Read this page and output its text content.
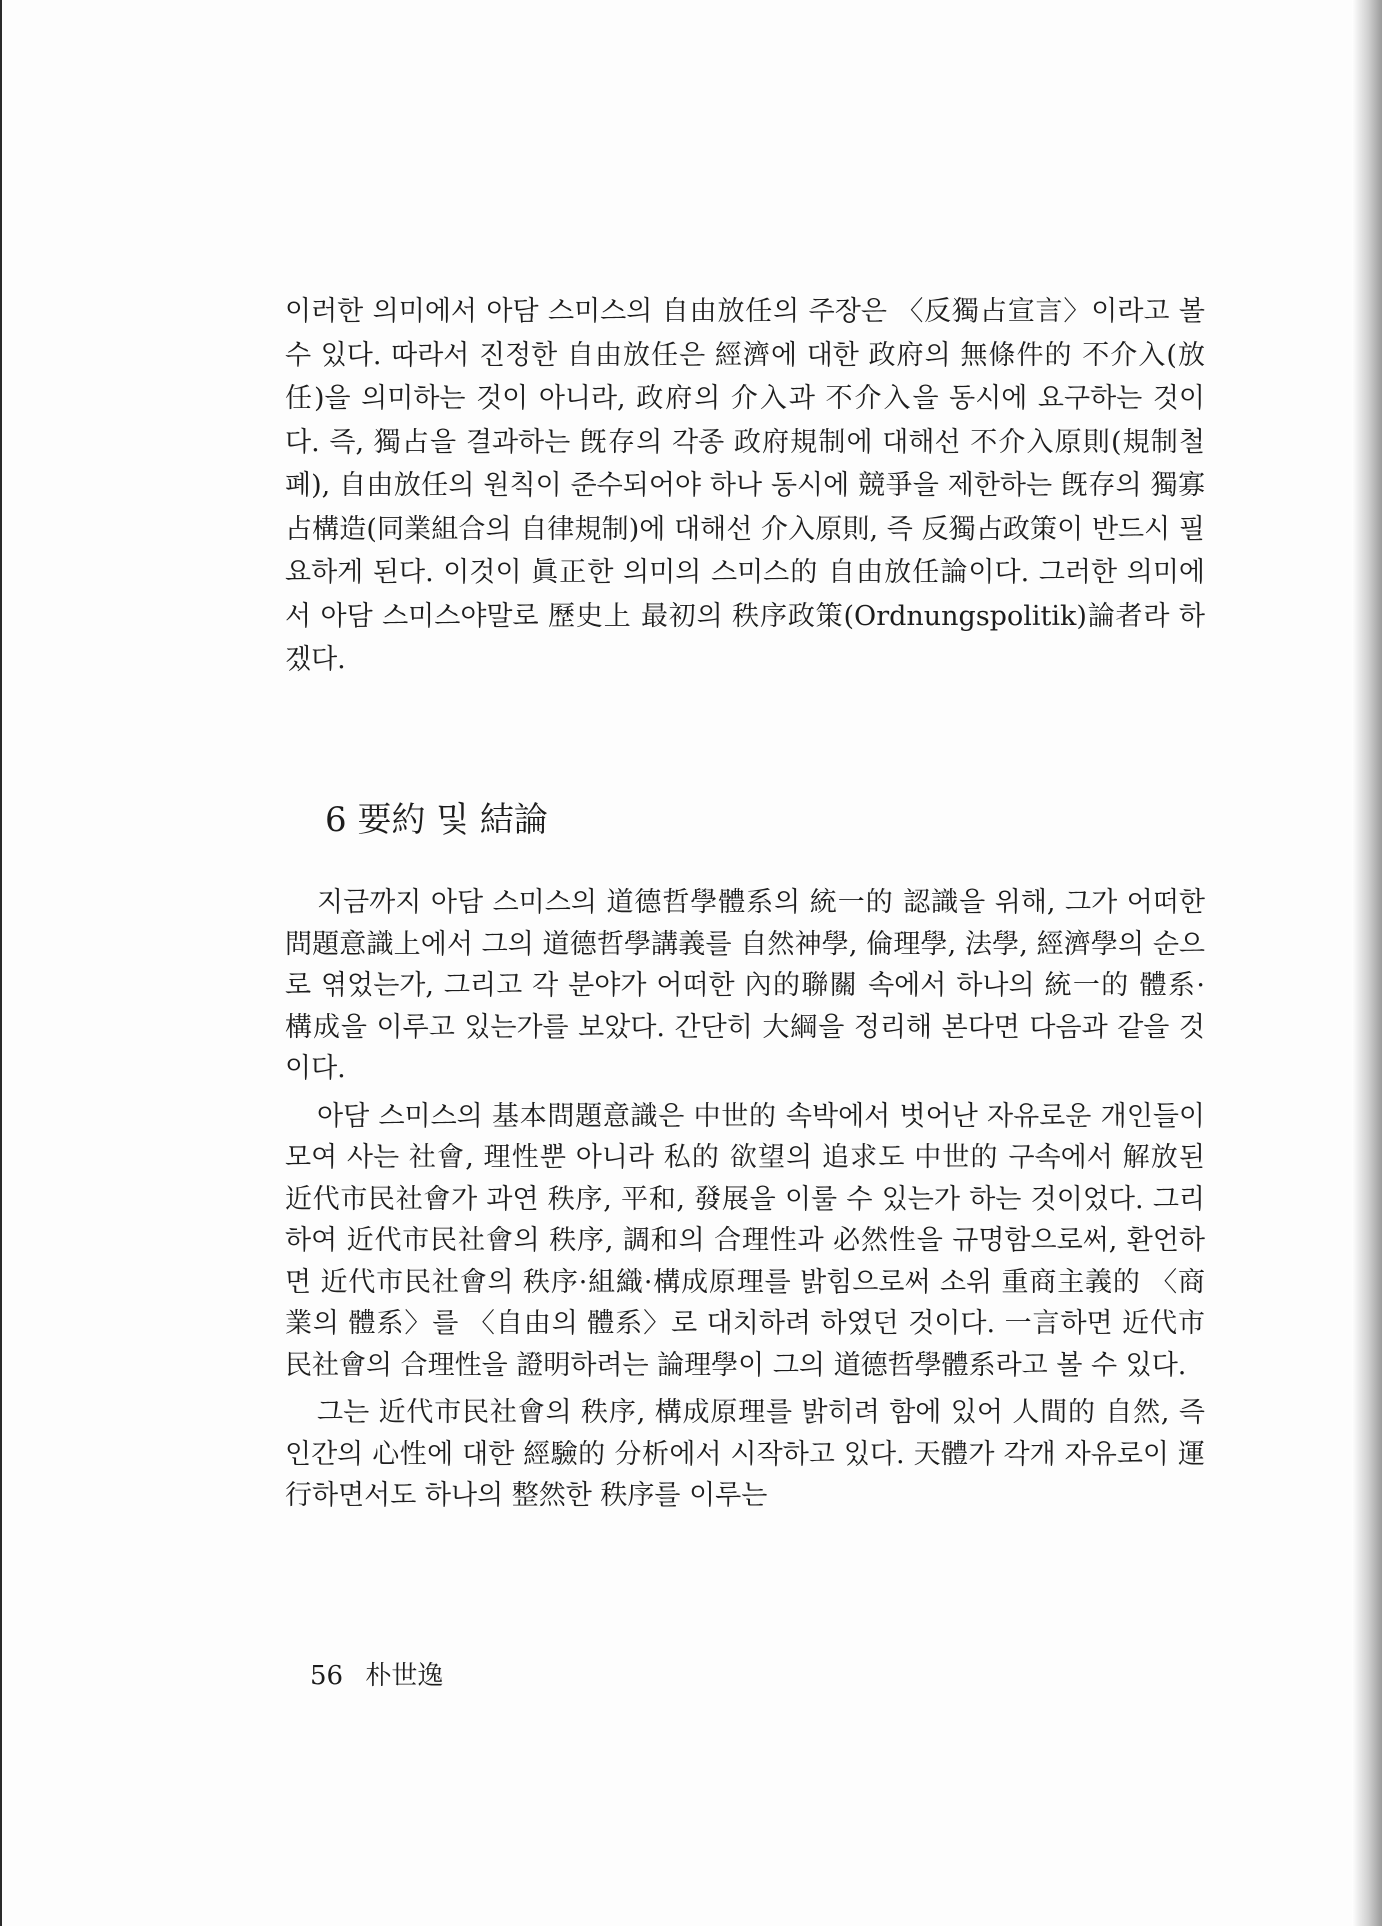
이러한 의미에서 아담 스미스의 自由放任의 주장은 〈反獨占宣言〉이라고 볼 수 있다. 따라서 진정한 自由放任은 經濟에 대한 政府의 無條件的 不介入(放任)을 의미하는 것이 아니라, 政府의 介入과 不介入을 동시에 요구하는 것이다. 즉, 獨占을 결과하는 旣存의 각종 政府規制에 대해선 不介入原則(規制철폐), 自由放任의 원칙이 준수되어야 하나 동시에 競爭을 제한하는 旣存의 獨寡占構造(同業組合의 自律規制)에 대해선 介入原則, 즉 反獨占政策이 반드시 필요하게 된다. 이것이 眞正한 의미의 스미스的 自由放任論이다. 그러한 의미에서 아담 스미스야말로 歷史上 最初의 秩序政策(Ordnungspolitik)論者라 하겠다.

6 要約 및 結論

지금까지 아담 스미스의 道德哲學體系의 統一的 認識을 위해, 그가 어떠한 問題意識上에서 그의 道德哲學講義를 自然神學, 倫理學, 法學, 經濟學의 순으로 엮었는가, 그리고 각 분야가 어떠한 內的聯關 속에서 하나의 統一的 體系·構成을 이루고 있는가를 보았다. 간단히 大綱을 정리해 본다면 다음과 같을 것이다.

아담 스미스의 基本問題意識은 中世的 속박에서 벗어난 자유로운 개인들이 모여 사는 社會, 理性뿐 아니라 私的 欲望의 追求도 中世的 구속에서 解放된 近代市民社會가 과연 秩序, 平和, 發展을 이룰 수 있는가 하는 것이었다. 그리하여 近代市民社會의 秩序, 調和의 合理性과 必然性을 규명함으로써, 환언하면 近代市民社會의 秩序·組織·構成原理를 밝힘으로써 소위 重商主義的 〈商業의 體系〉를 〈自由의 體系〉로 대치하려 하였던 것이다. 一言하면 近代市民社會의 合理性을 證明하려는 論理學이 그의 道德哲學體系라고 볼 수 있다.

그는 近代市民社會의 秩序, 構成原理를 밝히려 함에 있어 人間的 自然, 즉 인간의 心性에 대한 經驗的 分析에서 시작하고 있다. 天體가 각개 자유로이 運行하면서도 하나의 整然한 秩序를 이루는

56 朴世逸
